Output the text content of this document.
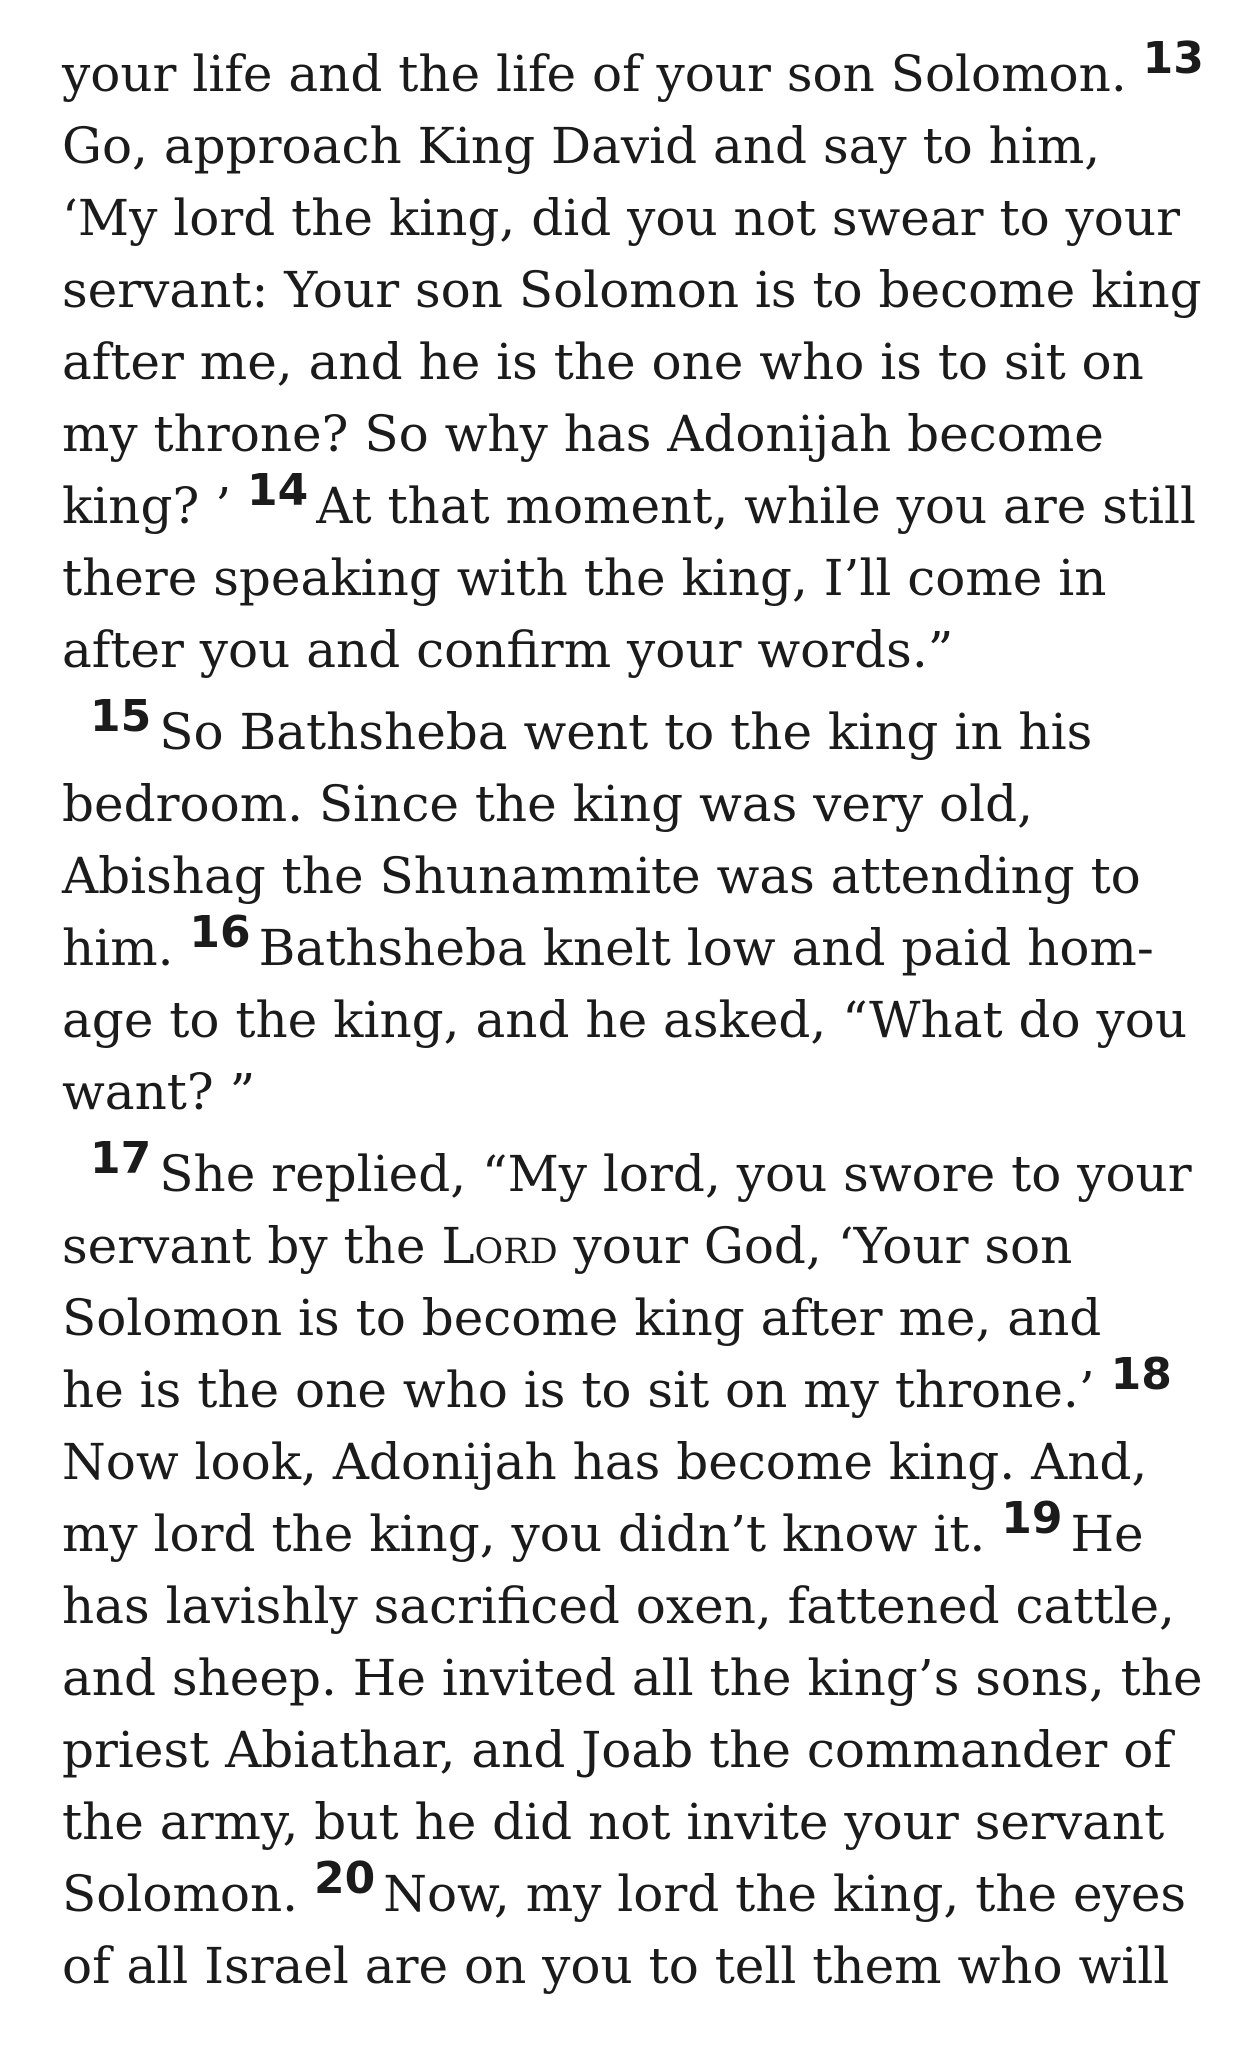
your life and the life of your son Solomon. 13
Go, approach King David and say to him,
‘My lord the king, did you not swear to your
servant: Your son Solomon is to become king
after me, and he is the one who is to sit on
my throne? So why has Adonijah become
king? ’ 14 At that moment, while you are still
there speaking with the king, I’ll come in
after you and confirm your words.”
15 So Bathsheba went to the king in his
bedroom. Since the king was very old,
Abishag the Shunammite was attending to
him. 16 Bathsheba knelt low and paid hom-
age to the king, and he asked, “What do you
want? ”
17 She replied, “My lord, you swore to your
servant by the Lord your God, ‘Your son
Solomon is to become king after me, and
he is the one who is to sit on my throne.’ 18
Now look, Adonijah has become king. And,
my lord the king, you didn’t know it. 19 He
has lavishly sacrificed oxen, fattened cattle,
and sheep. He invited all the king’s sons, the
priest Abiathar, and Joab the commander of
the army, but he did not invite your servant
Solomon. 20 Now, my lord the king, the eyes
of all Israel are on you to tell them who will
